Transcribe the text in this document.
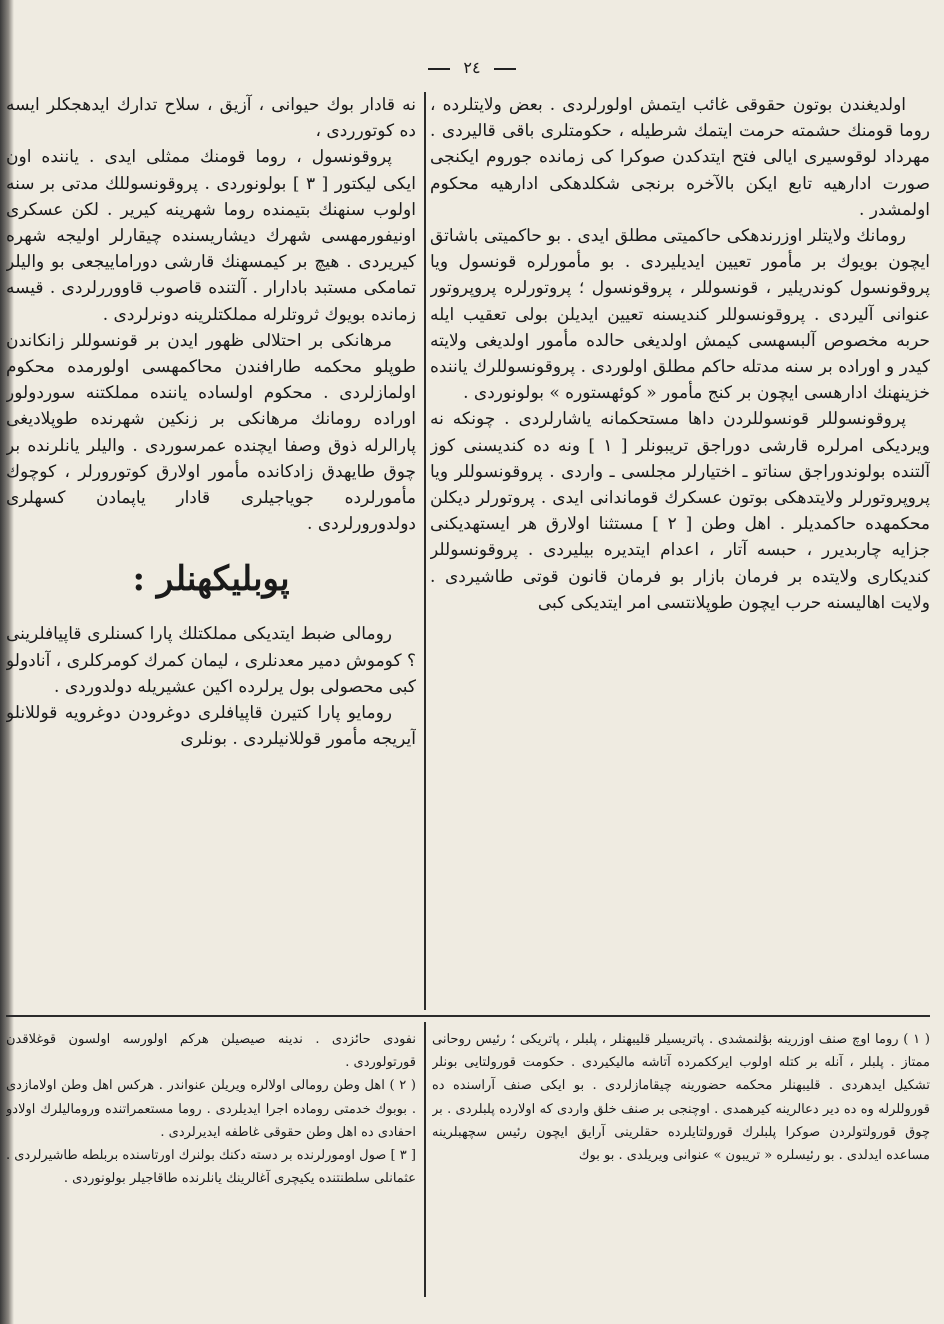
۲٤

اولدیغندن بوتون حقوقی غائب ایتمش اولورلردی . بعض ولایتلرده ، روما قومنك حشمته حرمت ایتمك شرطیله ، حكومتلری باقی قالیردی . مهرداد لوقوسیری ایالی فتح ایتدكدن صوكرا كی زمانده جوروم ایكنجی صورت ادارهیه تابع ایكن بالآخره برنجی شكلدهكی ادارهیه محكوم اولمشدر .

رومانك ولایتلر اوزرندهكی حاكمیتی مطلق ایدی . بو حاكمیتی باشاتق ایچون بویوك بر مأمور تعیین ایدیلیردی . بو مأمورلره قونسول ویا پروقونسول كوندریلیر ، قونسوللر ، پروقونسول ؛ پروتورلره پروپروتور عنوانی آلیردی . پروقونسوللر كندیسنه تعیین ایدیلن بولی تعقیب ایله حربه مخصوص آلبسهسی كیمش اولدیغی حالده مأمور اولدیغی ولایته كیدر و اوراده بر سنه مدتله حاكم مطلق اولوردی . پروقونسوللرك یاننده خزینهنك ادارهسی ایچون بر كنج مأمور « كوئهستوره » بولونوردی .

پروقونسوللر قونسوللردن داها مستحکمانه یاشارلردی . چونكه نه ویردیكی امرلره قارشی دوراجق تریبونلر [ ۱ ] ونه ده كندیسنی كوز آلتنده بولوندوراجق سناتو ـ اختیارلر مجلسی ـ واردی . پروقونسوللر ویا پروپروتورلر ولایتدهكی بوتون عسكرك قوماندانی ایدی . پروتورلر دیكلن محكمهده حاكمدیلر . اهل وطن [ ۲ ] مستثنا اولارق هر ایستهدیكنی جزایه چاربدیرر ، حبسه آتار ، اعدام ایتدیره بیلیردی . پروقونسوللر كندیكاری ولایتده بر فرمان بازار بو فرمان قانون قوتی طاشیردی . ولایت اهالیسنه حرب ایچون طوپلانتسی امر ایتدیكی كبی

نه قادار بوك حیوانی ، آزیق ، سلاح تدارك ایدهجكلر ایسه ده كوتورردی ،

پروقونسول ، روما قومنك ممثلی ایدی . یاننده اون ایكی لیكتور [ ۳ ] بولونوردی . پروقونسوللك مدتی بر سنه اولوب سنهنك بتیمنده روما شهرینه كیریر . لكن عسكری اونیفورمهسی شهرك دیشاریسنده چیقارلر اولیجه شهره كیریردی . هیچ بر كیمسهنك قارشی دوراماییجعی بو والیلر تمامكی مستبد بادارار . آلتنده قاصوب قاووررلردی . قیسه زمانده بویوك ثروتلرله مملكتلرینه دونرلردی .

مرهانكی بر احتلالی ظهور ایدن بر قونسوللر زانكاندن طوپلو محكمه طارافندن محاكمهسی اولورمده محكوم اولمازلردی . محكوم اولساده یاننده مملكتنه سوردولور اوراده رومانك مرهانكی بر زنكین شهرنده طوپلادیغی پارالرله ذوق وصفا ایچنده عمرسوردی . والیلر یانلرنده بر چوق طایهدق زادكانده مأمور اولارق كوتورورلر ، كوچوك مأمورلرده جویاجیلری قادار یاپمادن كسهلری دولدورورلردی .

پوبلیكهنلر :

رومالی ضبط ایتدیكی مملكتلك پارا كسنلری قاپیافلرینی ؟ كوموش دمیر معدنلری ، لیمان كمرك كومركلری ، آنادولو كبی محصولی بول یرلرده اكین عشیریله دولدوردی .

رومایو پارا كتیرن قاپیافلری دوغرودن دوغرویه قوللانلو آیریجه مأمور قوللانیلردی . بونلری

( ۱ ) روما اوچ صنف اوزرینه بؤلنمشدی . پاتریسیلر قلیبهنلر ، پلبلر ، پاتریكی ؛ رئیس روحانی ممتاز . پلبلر ، آنله بر كتله اولوب ایرككمرده آتاشه مالیكیردی . حكومت قورولتایی بونلر تشكیل ایدهردی . قلیبهنلر محكمه حضورینه چیقامازلردی . بو ایكی صنف آراسنده ده قوروللرله وه ده دیر دعالرینه كیرهمدی . اوچنجی بر صنف خلق واردی كه اولارده پلبلردی . بر چوق قورولتولردن صوكرا پلبلرك قورولتایلرده حقلرینی آرایق ایچون رئیس سچهبلرینه مساعده ایدلدی . بو رئیسلره « تریبون » عنوانی ویریلدی . بو بوك

نفودی حائزدی . ندینه صیصیلن هركم اولورسه اولسون قوغلاقدن قورتولوردی .

( ۲ ) اهل وطن رومالی اولالره ویریلن عنواندر . هركس اهل وطن اولامازدی . بوبوك خدمتی روماده اجرا ایدیلردی . روما مستعمراتنده ورومالیلرك اولادو احفادی ده اهل وطن حقوقی غاطفه ایدیرلردی .

[ ۳ ] صول اومورلرنده بر دسته دكنك بولنرك اورتاسنده بربلطه طاشیرلردی . عثمانلی سلطنتنده یكیچری آغالرینك یانلرنده طاقاجیلر بولونوردی .
